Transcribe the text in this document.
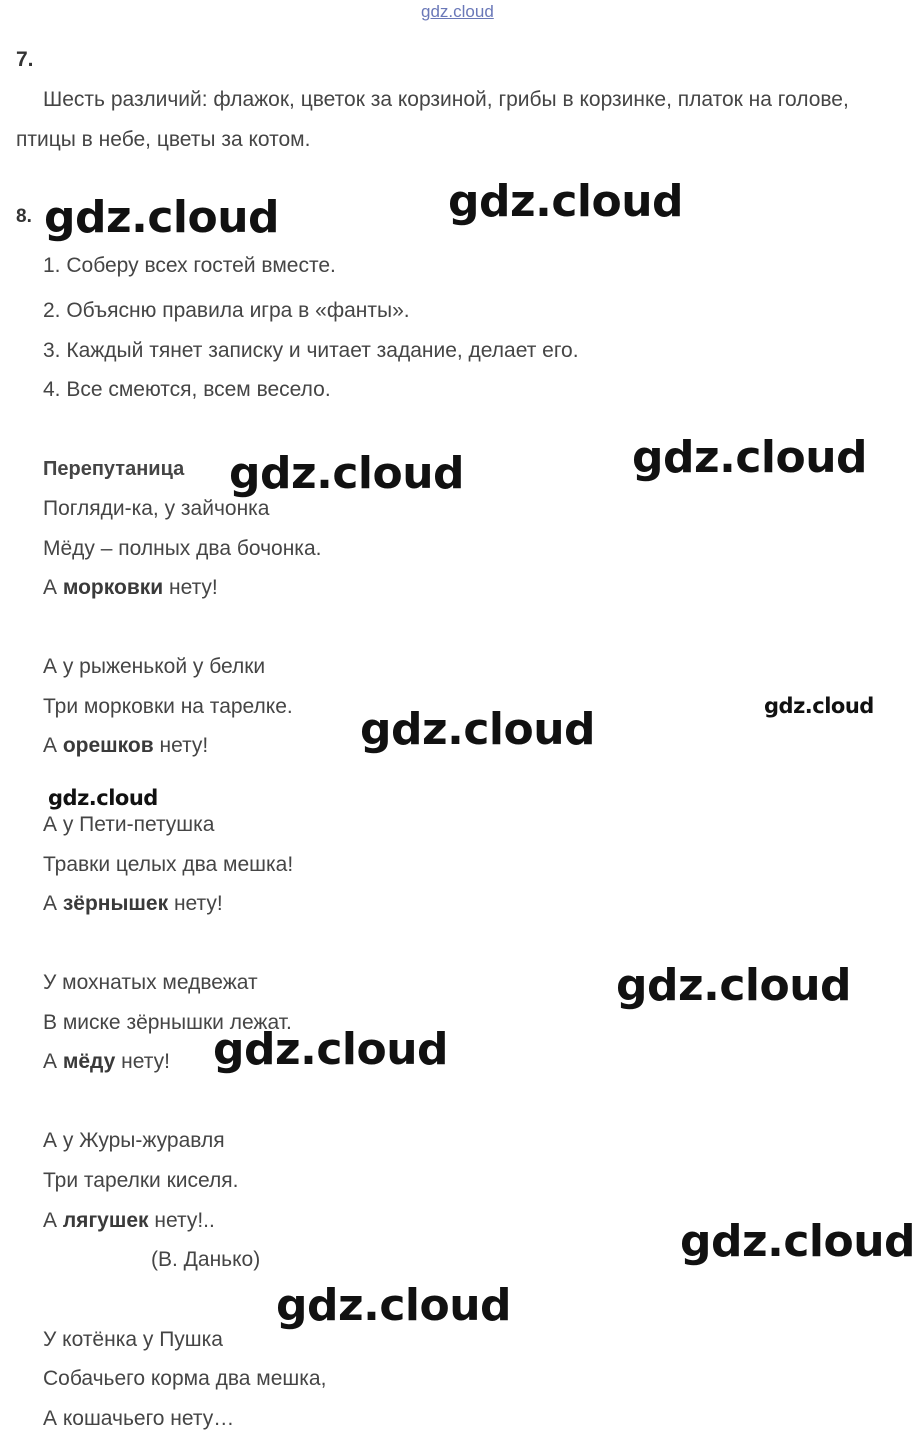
gdz.cloud
7.
Шесть различий: флажок, цветок за корзиной, грибы в корзинке, платок на голове,
птицы в небе, цветы за котом.
8.
1. Соберу всех гостей вместе.
2. Объясню правила игра в «фанты».
3. Каждый тянет записку и читает задание, делает его.
4. Все смеются, всем весело.
Перепутаница
Погляди-ка, у зайчонка
Мёду – полных два бочонка.
А морковки нету!
А у рыженькой у белки
Три морковки на тарелке.
А орешков нету!
А у Пети-петушка
Травки целых два мешка!
А зёрнышек нету!
У мохнатых медвежат
В миске зёрнышки лежат.
А мёду нету!
А у Журы-журавля
Три тарелки киселя.
А лягушек нету!..
(В. Данько)
У котёнка у Пушка
Собачьего корма два мешка,
А кошачьего нету…
gdz.cloud	gdz.cloud
gdz.cloud	gdz.cloud
gdz.cloud
gdz.cloud
gdz.cloud
gdz.cloud
gdz.cloud
gdz.cloud
gdz.cloud
